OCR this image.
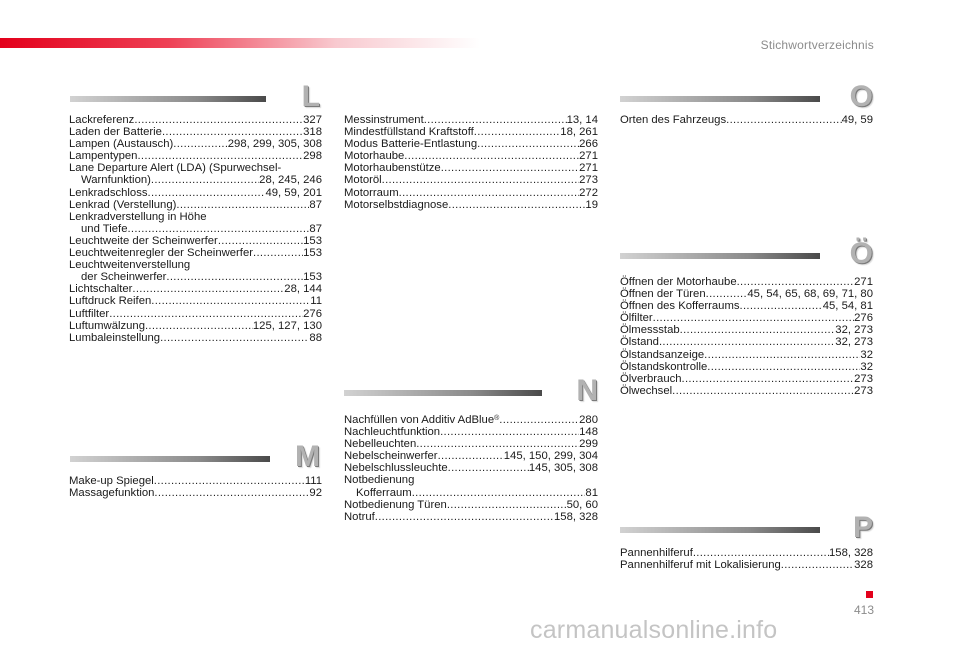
Stichwortverzeichnis
L
Lackreferenz .....	327
Laden der Batterie .....	318
Lampen (Austausch) .....	298, 299, 305, 308
Lampentypen .....	298
Lane Departure Alert (LDA) (Spurwechsel-
Warnfunktion) .....	28, 245, 246
Lenkradschloss .....	49, 59, 201
Lenkrad (Verstellung) .....	87
Lenkradverstellung in Höhe
und Tiefe .....	87
Leuchtweite der Scheinwerfer .....	153
Leuchtweitenregler der Scheinwerfer .....	153
Leuchtweitenverstellung
der Scheinwerfer .....	153
Lichtschalter .....	28, 144
Luftdruck Reifen .....	11
Luftfilter .....	276
Luftumwälzung .....	125, 127, 130
Lumbaleinstellung .....	88
M
Make-up Spiegel .....	111
Massagefunktion .....	92
Messinstrument .....	13, 14
Mindestfüllstand Kraftstoff .....	18, 261
Modus Batterie-Entlastung .....	266
Motorhaube .....	271
Motorhaubenstütze .....	271
Motoröl .....	273
Motorraum .....	272
Motorselbstdiagnose .....	19
N
Nachfüllen von Additiv AdBlue® .....	280
Nachleuchtfunktion .....	148
Nebelleuchten .....	299
Nebelscheinwerfer .....	145, 150, 299, 304
Nebelschlussleuchte .....	145, 305, 308
Notbedienung
Kofferraum .....	81
Notbedienung Türen .....	50, 60
Notruf .....	158, 328
O
Orten des Fahrzeugs .....	49, 59
Ö
Öffnen der Motorhaube .....	271
Öffnen der Türen .....	45, 54, 65, 68, 69, 71, 80
Öffnen des Kofferraums .....	45, 54, 81
Ölfilter .....	276
Ölmessstab .....	32, 273
Ölstand .....	32, 273
Ölstandsanzeige .....	32
Ölstandskontrolle .....	32
Ölverbrauch .....	273
Ölwechsel .....	273
P
Pannenhilferuf .....	158, 328
Pannenhilferuf mit Lokalisierung .....	328
413
carmanualsonline.info
